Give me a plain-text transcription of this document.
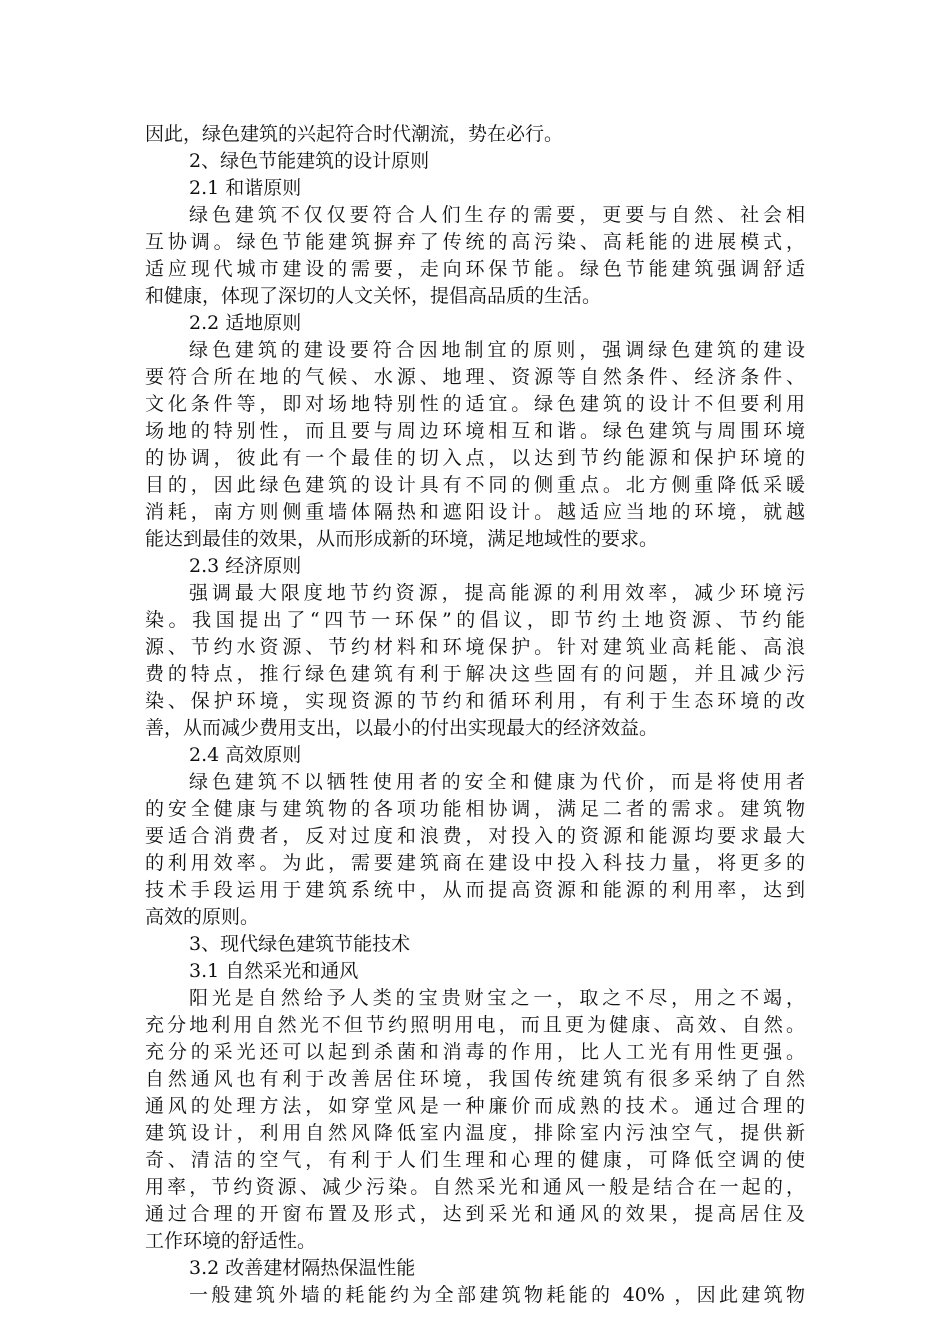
因此，绿色建筑的兴起符合时代潮流，势在必行。
2、绿色节能建筑的设计原则
2.1 和谐原则
绿色建筑不仅仅要符合人们生存的需要，更要与自然、社会相
互协调。绿色节能建筑摒弃了传统的高污染、高耗能的进展模式，
适应现代城市建设的需要，走向环保节能。绿色节能建筑强调舒适
和健康，体现了深切的人文关怀，提倡高品质的生活。
2.2 适地原则
绿色建筑的建设要符合因地制宜的原则，强调绿色建筑的建设
要符合所在地的气候、水源、地理、资源等自然条件、经济条件、
文化条件等，即对场地特别性的适宜。绿色建筑的设计不但要利用
场地的特别性，而且要与周边环境相互和谐。绿色建筑与周围环境
的协调，彼此有一个最佳的切入点，以达到节约能源和保护环境的
目的，因此绿色建筑的设计具有不同的侧重点。北方侧重降低采暖
消耗，南方则侧重墙体隔热和遮阳设计。越适应当地的环境，就越
能达到最佳的效果，从而形成新的环境，满足地域性的要求。
2.3 经济原则
强调最大限度地节约资源，提高能源的利用效率，减少环境污
染。我国提出了“四节一环保”的倡议，即节约土地资源、节约能
源、节约水资源、节约材料和环境保护。针对建筑业高耗能、高浪
费的特点，推行绿色建筑有利于解决这些固有的问题，并且减少污
染、保护环境，实现资源的节约和循环利用，有利于生态环境的改
善，从而减少费用支出，以最小的付出实现最大的经济效益。
2.4 高效原则
绿色建筑不以牺牲使用者的安全和健康为代价，而是将使用者
的安全健康与建筑物的各项功能相协调，满足二者的需求。建筑物
要适合消费者，反对过度和浪费，对投入的资源和能源均要求最大
的利用效率。为此，需要建筑商在建设中投入科技力量，将更多的
技术手段运用于建筑系统中，从而提高资源和能源的利用率，达到
高效的原则。
3、现代绿色建筑节能技术
3.1 自然采光和通风
阳光是自然给予人类的宝贵财宝之一，取之不尽，用之不竭，
充分地利用自然光不但节约照明用电，而且更为健康、高效、自然。
充分的采光还可以起到杀菌和消毒的作用，比人工光有用性更强。
自然通风也有利于改善居住环境，我国传统建筑有很多采纳了自然
通风的处理方法，如穿堂风是一种廉价而成熟的技术。通过合理的
建筑设计，利用自然风降低室内温度，排除室内污浊空气，提供新
奇、清洁的空气，有利于人们生理和心理的健康，可降低空调的使
用率，节约资源、减少污染。自然采光和通风一般是结合在一起的，
通过合理的开窗布置及形式，达到采光和通风的效果，提高居住及
工作环境的舒适性。
3.2 改善建材隔热保温性能
一般建筑外墙的耗能约为全部建筑物耗能的 40% ，因此建筑物
